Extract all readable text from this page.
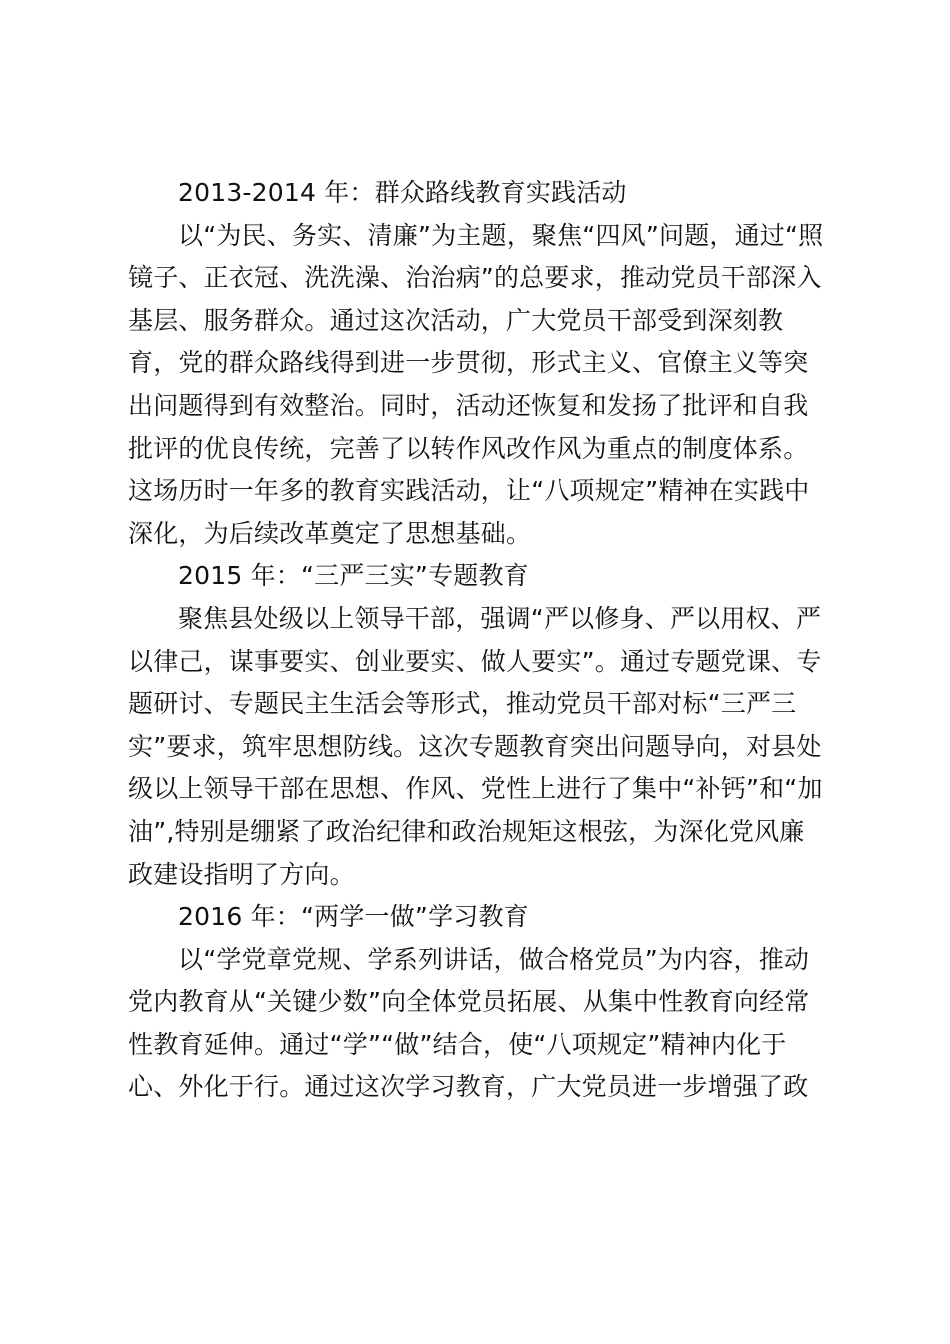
2013-2014 年：群众路线教育实践活动
以“为民、务实、清廉”为主题，聚焦“四风”问题，通过“照
镜子、正衣冠、洗洗澡、治治病”的总要求，推动党员干部深入
基层、服务群众。通过这次活动，广大党员干部受到深刻教
育，党的群众路线得到进一步贯彻，形式主义、官僚主义等突
出问题得到有效整治。同时，活动还恢复和发扬了批评和自我
批评的优良传统，完善了以转作风改作风为重点的制度体系。
这场历时一年多的教育实践活动，让“八项规定”精神在实践中
深化，为后续改革奠定了思想基础。
2015 年：“三严三实”专题教育
聚焦县处级以上领导干部，强调“严以修身、严以用权、严
以律己，谋事要实、创业要实、做人要实”。通过专题党课、专
题研讨、专题民主生活会等形式，推动党员干部对标“三严三
实”要求，筑牢思想防线。这次专题教育突出问题导向，对县处
级以上领导干部在思想、作风、党性上进行了集中“补钙”和“加
油”,特别是绷紧了政治纪律和政治规矩这根弦，为深化党风廉
政建设指明了方向。
2016 年：“两学一做”学习教育
以“学党章党规、学系列讲话，做合格党员”为内容，推动
党内教育从“关键少数”向全体党员拓展、从集中性教育向经常
性教育延伸。通过“学”“做”结合，使“八项规定”精神内化于
心、外化于行。通过这次学习教育，广大党员进一步增强了政
